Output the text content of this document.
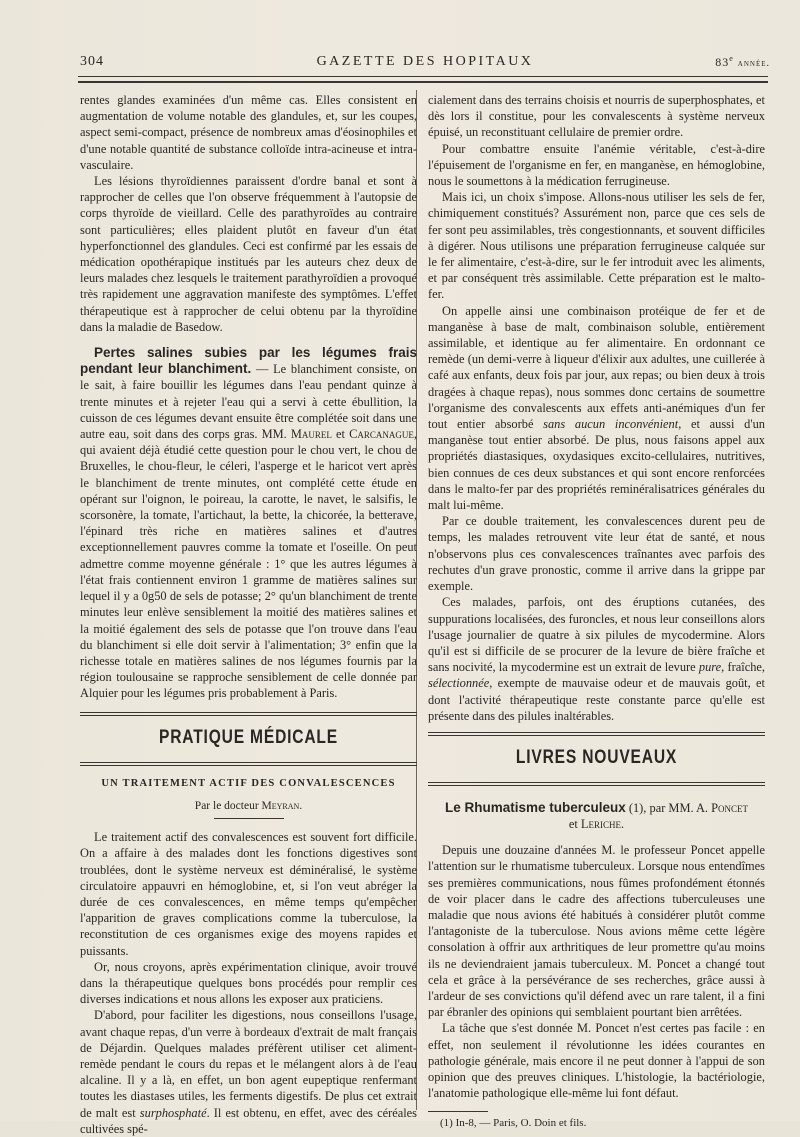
304	GAZETTE DES HOPITAUX	83e année.

rentes glandes examinées d'un même cas. Elles consistent en augmentation de volume notable des glandules, et, sur les coupes, aspect semi-compact, présence de nombreux amas d'éosinophiles et d'une notable quantité de substance colloïde intra-acineuse et intra-vasculaire.

Les lésions thyroïdiennes paraissent d'ordre banal et sont à rapprocher de celles que l'on observe fréquemment à l'autopsie de corps thyroïde de vieillard. Celle des parathyroïdes au contraire sont particulières; elles plaident plutôt en faveur d'un état hyperfonctionnel des glandules. Ceci est confirmé par les essais de médication opothérapique institués par les auteurs chez deux de leurs malades chez lesquels le traitement parathyroïdien a provoqué très rapidement une aggravation manifeste des symptômes. L'effet thérapeutique est à rapprocher de celui obtenu par la thyroïdine dans la maladie de Basedow.

Pertes salines subies par les légumes frais pendant leur blanchiment. — Le blanchiment consiste, on le sait, à faire bouillir les légumes dans l'eau pendant quinze à trente minutes et à rejeter l'eau qui a servi à cette ébullition, la cuisson de ces légumes devant ensuite être complétée soit dans une autre eau, soit dans des corps gras. MM. Maurel et Carcanague, qui avaient déjà étudié cette question pour le chou vert, le chou de Bruxelles, le chou-fleur, le céleri, l'asperge et le haricot vert après le blanchiment de trente minutes, ont complété cette étude en opérant sur l'oignon, le poireau, la carotte, le navet, le salsifis, le scorsonère, la tomate, l'artichaut, la bette, la chicorée, la betterave, l'épinard très riche en matières salines et d'autres exceptionnellement pauvres comme la tomate et l'oseille. On peut admettre comme moyenne générale : 1° que les autres légumes à l'état frais contiennent environ 1 gramme de matières salines sur lequel il y a 0g50 de sels de potasse; 2° qu'un blanchiment de trente minutes leur enlève sensiblement la moitié des matières salines et la moitié également des sels de potasse que l'on trouve dans l'eau du blanchiment si elle doit servir à l'alimentation; 3° enfin que la richesse totale en matières salines de nos légumes fournis par la région toulousaine se rapproche sensiblement de celle donnée par Alquier pour les légumes pris probablement à Paris.

PRATIQUE MÉDICALE
UN TRAITEMENT ACTIF DES CONVALESCENCES
Par le docteur Meyran.

Le traitement actif des convalescences est souvent fort difficile. On a affaire à des malades dont les fonctions digestives sont troublées, dont le système nerveux est déminéralisé, le système circulatoire appauvri en hémoglobine, et, si l'on veut abréger la durée de ces convalescences, en même temps qu'empêcher l'apparition de graves complications comme la tuberculose, la reconstitution de ces organismes exige des moyens rapides et puissants.

Or, nous croyons, après expérimentation clinique, avoir trouvé dans la thérapeutique quelques bons procédés pour remplir ces diverses indications et nous allons les exposer aux praticiens.

D'abord, pour faciliter les digestions, nous conseillons l'usage, avant chaque repas, d'un verre à bordeaux d'extrait de malt français de Déjardin. Quelques malades préfèrent utiliser cet aliment-remède pendant le cours du repas et le mélangent alors à de l'eau alcaline. Il y a là, en effet, un bon agent eupeptique renfermant toutes les diastases utiles, les ferments digestifs. De plus cet extrait de malt est surphosphaté. Il est obtenu, en effet, avec des céréales cultivées spé-

cialement dans des terrains choisis et nourris de superphosphates, et dès lors il constitue, pour les convalescents à système nerveux épuisé, un reconstituant cellulaire de premier ordre.

Pour combattre ensuite l'anémie véritable, c'est-à-dire l'épuisement de l'organisme en fer, en manganèse, en hémoglobine, nous le soumettons à la médication ferrugineuse.

Mais ici, un choix s'impose. Allons-nous utiliser les sels de fer, chimiquement constitués? Assurément non, parce que ces sels de fer sont peu assimilables, très congestionnants, et souvent difficiles à digérer. Nous utilisons une préparation ferrugineuse calquée sur le fer alimentaire, c'est-à-dire, sur le fer introduit avec les aliments, et par conséquent très assimilable. Cette préparation est le malto-fer.

On appelle ainsi une combinaison protéique de fer et de manganèse à base de malt, combinaison soluble, entièrement assimilable, et identique au fer alimentaire. En ordonnant ce remède (un demi-verre à liqueur d'élixir aux adultes, une cuillerée à café aux enfants, deux fois par jour, aux repas; ou bien deux à trois dragées à chaque repas), nous sommes donc certains de soumettre l'organisme des convalescents aux effets anti-anémiques d'un fer tout entier absorbé sans aucun inconvénient, et aussi d'un manganèse tout entier absorbé. De plus, nous faisons appel aux propriétés diastasiques, oxydasiques excito-cellulaires, nutritives, bien connues de ces deux substances et qui sont encore renforcées dans le malto-fer par des propriétés reminéralisatrices générales du malt lui-même.

Par ce double traitement, les convalescences durent peu de temps, les malades retrouvent vite leur état de santé, et nous n'observons plus ces convalescences traînantes avec parfois des rechutes d'un grave pronostic, comme il arrive dans la grippe par exemple.

Ces malades, parfois, ont des éruptions cutanées, des suppurations localisées, des furoncles, et nous leur conseillons alors l'usage journalier de quatre à six pilules de mycodermine. Alors qu'il est si difficile de se procurer de la levure de bière fraîche et sans nocivité, la mycodermine est un extrait de levure pure, fraîche, sélectionnée, exempte de mauvaise odeur et de mauvais goût, et dont l'activité thérapeutique reste constante parce qu'elle est présente dans des pilules inaltérables.

LIVRES NOUVEAUX
Le Rhumatisme tuberculeux (1), par MM. A. Poncet
et Leriche.

Depuis une douzaine d'années M. le professeur Poncet appelle l'attention sur le rhumatisme tuberculeux. Lorsque nous entendîmes ses premières communications, nous fûmes profondément étonnés de voir placer dans le cadre des affections tuberculeuses une maladie que nous avions été habitués à considérer plutôt comme l'antagoniste de la tuberculose. Nous avions même cette légère consolation à offrir aux arthritiques de leur promettre qu'au moins ils ne deviendraient jamais tuberculeux. M. Poncet a changé tout cela et grâce à la persévérance de ses recherches, grâce aussi à l'ardeur de ses convictions qu'il défend avec un rare talent, il a fini par ébranler des opinions qui semblaient pourtant bien arrêtées.

La tâche que s'est donnée M. Poncet n'est certes pas facile : en effet, non seulement il révolutionne les idées courantes en pathologie générale, mais encore il ne peut donner à l'appui de son opinion que des preuves cliniques. L'histologie, la bactériologie, l'anatomie pathologique elle-même lui font défaut.

(1) In-8, — Paris, O. Doin et fils.
